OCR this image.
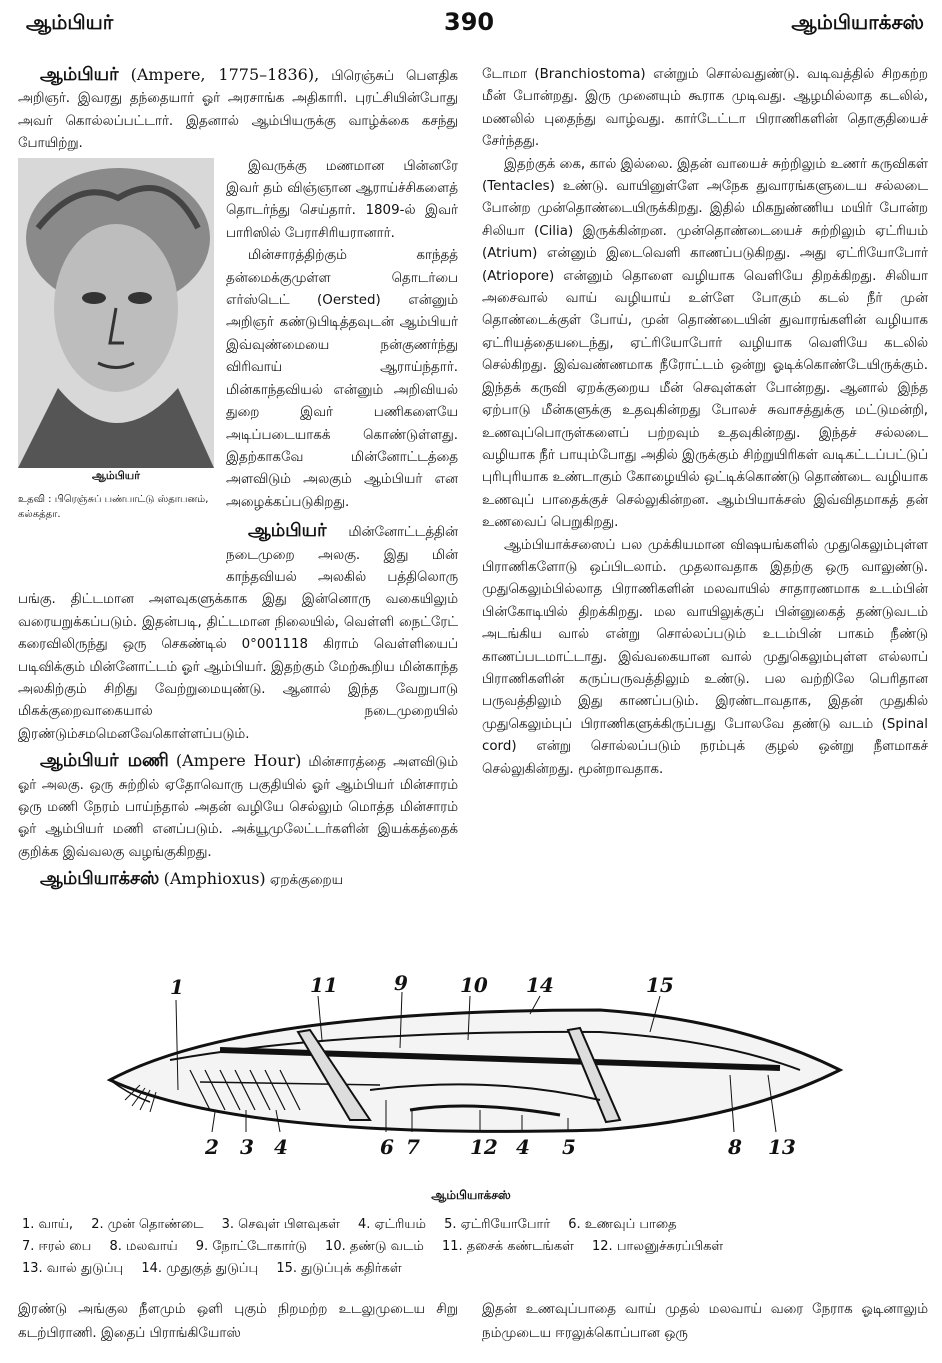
ஆம்பியர்	390	ஆம்பியாக்சஸ்

ஆம்பியர் (Ampere, 1775–1836), பிரெஞ்சுப் பௌதிக அறிஞர். இவரது தந்தையார் ஓர் அரசாங்க அதிகாரி. புரட்சியின்போது அவர் கொல்லப்பட்டார். இதனால் ஆம்பியருக்கு வாழ்க்கை கசந்து போயிற்று.

ஆம்பியர்
உதவி : பிரெஞ்சுப் பண்பாட்டு ஸ்தாபனம், கல்கத்தா.

இவருக்கு மணமான பின்னரே இவர் தம் விஞ்ஞான ஆராய்ச்சிகளைத் தொடர்ந்து செய்தார். 1809-ல் இவர் பாரிஸில் பேராசிரியரானார்.

மின்சாரத்திற்கும் காந்தத் தன்மைக்குமுள்ள தொடர்பை எர்ஸ்டெட் (Oersted) என்னும் அறிஞர் கண்டுபிடித்தவுடன் ஆம்பியர் இவ்வுண்மையை நன்குணர்ந்து விரிவாய் ஆராய்ந்தார். மின்காந்தவியல் என்னும் அறிவியல் துறை இவர் பணிகளையே அடிப்படையாகக் கொண்டுள்ளது. இதற்காகவே மின்னோட்டத்தை அளவிடும் அலகும் ஆம்பியர் என அழைக்கப்படுகிறது.

ஆம்பியர் மின்னோட்டத்தின் நடைமுறை அலகு. இது மின் காந்தவியல் அலகில் பத்திலொரு பங்கு. திட்டமான அளவுகளுக்காக இது இன்னொரு வகையிலும் வரையறுக்கப்படும். இதன்படி, திட்டமான நிலையில், வெள்ளி நைட்ரேட் கரைவிலிருந்து ஒரு செகண்டில் 0°001118 கிராம் வெள்ளியைப் படிவிக்கும் மின்னோட்டம் ஓர் ஆம்பியர். இதற்கும் மேற்கூறிய மின்காந்த அலகிற்கும் சிறிது வேற்றுமையுண்டு. ஆனால் இந்த வேறுபாடு மிகக்குறைவாகையால் நடைமுறையில் இரண்டும்சமமெனவேகொள்ளப்படும்.

ஆம்பியர் மணி (Ampere Hour) மின்சாரத்தை அளவிடும் ஓர் அலகு. ஒரு சுற்றில் ஏதோவொரு பகுதியில் ஓர் ஆம்பியர் மின்சாரம் ஒரு மணி நேரம் பாய்ந்தால் அதன் வழியே செல்லும் மொத்த மின்சாரம் ஓர் ஆம்பியர் மணி எனப்படும். அக்யூமுலேட்டர்களின் இயக்கத்தைக் குறிக்க இவ்வலகு வழங்குகிறது.

ஆம்பியாக்சஸ் (Amphioxus) ஏறக்குறைய

டோமா (Branchiostoma) என்றும் சொல்வதுண்டு. வடிவத்தில் சிறகற்ற மீன் போன்றது. இரு முனையும் கூராக முடிவது. ஆழமில்லாத கடலில், மணலில் புதைந்து வாழ்வது. கார்டேட்டா பிராணிகளின் தொகுதியைச் சேர்ந்தது.

இதற்குக் கை, கால் இல்லை. இதன் வாயைச் சுற்றிலும் உணர் கருவிகள் (Tentacles) உண்டு. வாயினுள்ளே அநேக துவாரங்களுடைய சல்லடை போன்ற முன்தொண்டையிருக்கிறது. இதில் மிகநுண்ணிய மயிர் போன்ற சிலியா (Cilia) இருக்கின்றன. முன்தொண்டையைச் சுற்றிலும் ஏட்ரியம் (Atrium) என்னும் இடைவெளி காணப்படுகிறது. அது ஏட்ரியோபோர் (Atriopore) என்னும் தொளை வழியாக வெளியே திறக்கிறது. சிலியா அசைவால் வாய் வழியாய் உள்ளே போகும் கடல் நீர் முன் தொண்டைக்குள் போய், முன் தொண்டையின் துவாரங்களின் வழியாக ஏட்ரியத்தையடைந்து, ஏட்ரியோபோர் வழியாக வெளியே கடலில் செல்கிறது. இவ்வண்ணமாக நீரோட்டம் ஒன்று ஓடிக்கொண்டேயிருக்கும். இந்தக் கருவி ஏறக்குறைய மீன் செவுள்கள் போன்றது. ஆனால் இந்த ஏற்பாடு மீன்களுக்கு உதவுகின்றது போலச் சுவாசத்துக்கு மட்டுமன்றி, உணவுப்பொருள்களைப் பற்றவும் உதவுகின்றது. இந்தச் சல்லடை வழியாக நீர் பாயும்போது அதில் இருக்கும் சிற்றுயிரிகள் வடிகட்டப்பட்டுப் புரிபுரியாக உண்டாகும் கோழையில் ஒட்டிக்கொண்டு தொண்டை வழியாக உணவுப் பாதைக்குச் செல்லுகின்றன. ஆம்பியாக்சஸ் இவ்விதமாகத் தன் உணவைப் பெறுகிறது.

ஆம்பியாக்சஸைப் பல முக்கியமான விஷயங்களில் முதுகெலும்புள்ள பிராணிகளோடு ஒப்பிடலாம். முதலாவதாக இதற்கு ஒரு வாலுண்டு. முதுகெலும்பில்லாத பிராணிகளின் மலவாயில் சாதாரணமாக உடம்பின் பின்கோடியில் திறக்கிறது. மல வாயிலுக்குப் பின்னுகைத் தண்டுவடம் அடங்கிய வால் என்று சொல்லப்படும் உடம்பின் பாகம் நீண்டு காணப்படமாட்டாது. இவ்வகையான வால் முதுகெலும்புள்ள எல்லாப் பிராணிகளின் கருப்பருவத்திலும் உண்டு. பல வற்றிலே பெரிதான பருவத்திலும் இது காணப்படும். இரண்டாவதாக, இதன் முதுகில் முதுகெலும்புப் பிராணிகளுக்கிருப்பது போலவே தண்டு வடம் (Spinal cord) என்று சொல்லப்படும் நரம்புக் குழல் ஒன்று நீளமாகச் செல்லுகின்றது. மூன்றாவதாக.

1	11	9	10 14	15
2 3 4	6 7	12 4 5	8 13
ஆம்பியாக்சஸ்
1. வாய், 2. முன் தொண்டை 3. செவுள் பிளவுகள் 4. ஏட்ரியம் 5. ஏட்ரியோபோர் 6. உணவுப் பாதை
7. ஈரல் பை 8. மலவாய் 9. நோட்டோகார்டு 10. தண்டு வடம் 11. தசைக் கண்டங்கள் 12. பாலனுச்சுரப்பிகள்
13. வால் துடுப்பு 14. முதுகுத் துடுப்பு 15. துடுப்புக் கதிர்கள்
இரண்டு அங்குல நீளமும் ஒளி புகும் நிறமற்ற உடலுமுடைய சிறு கடற்பிராணி. இதைப் பிராங்கியோஸ்
இதன் உணவுப்பாதை வாய் முதல் மலவாய் வரை நேராக ஓடினாலும் நம்முடைய ஈரலுக்கொப்பான ஒரு
